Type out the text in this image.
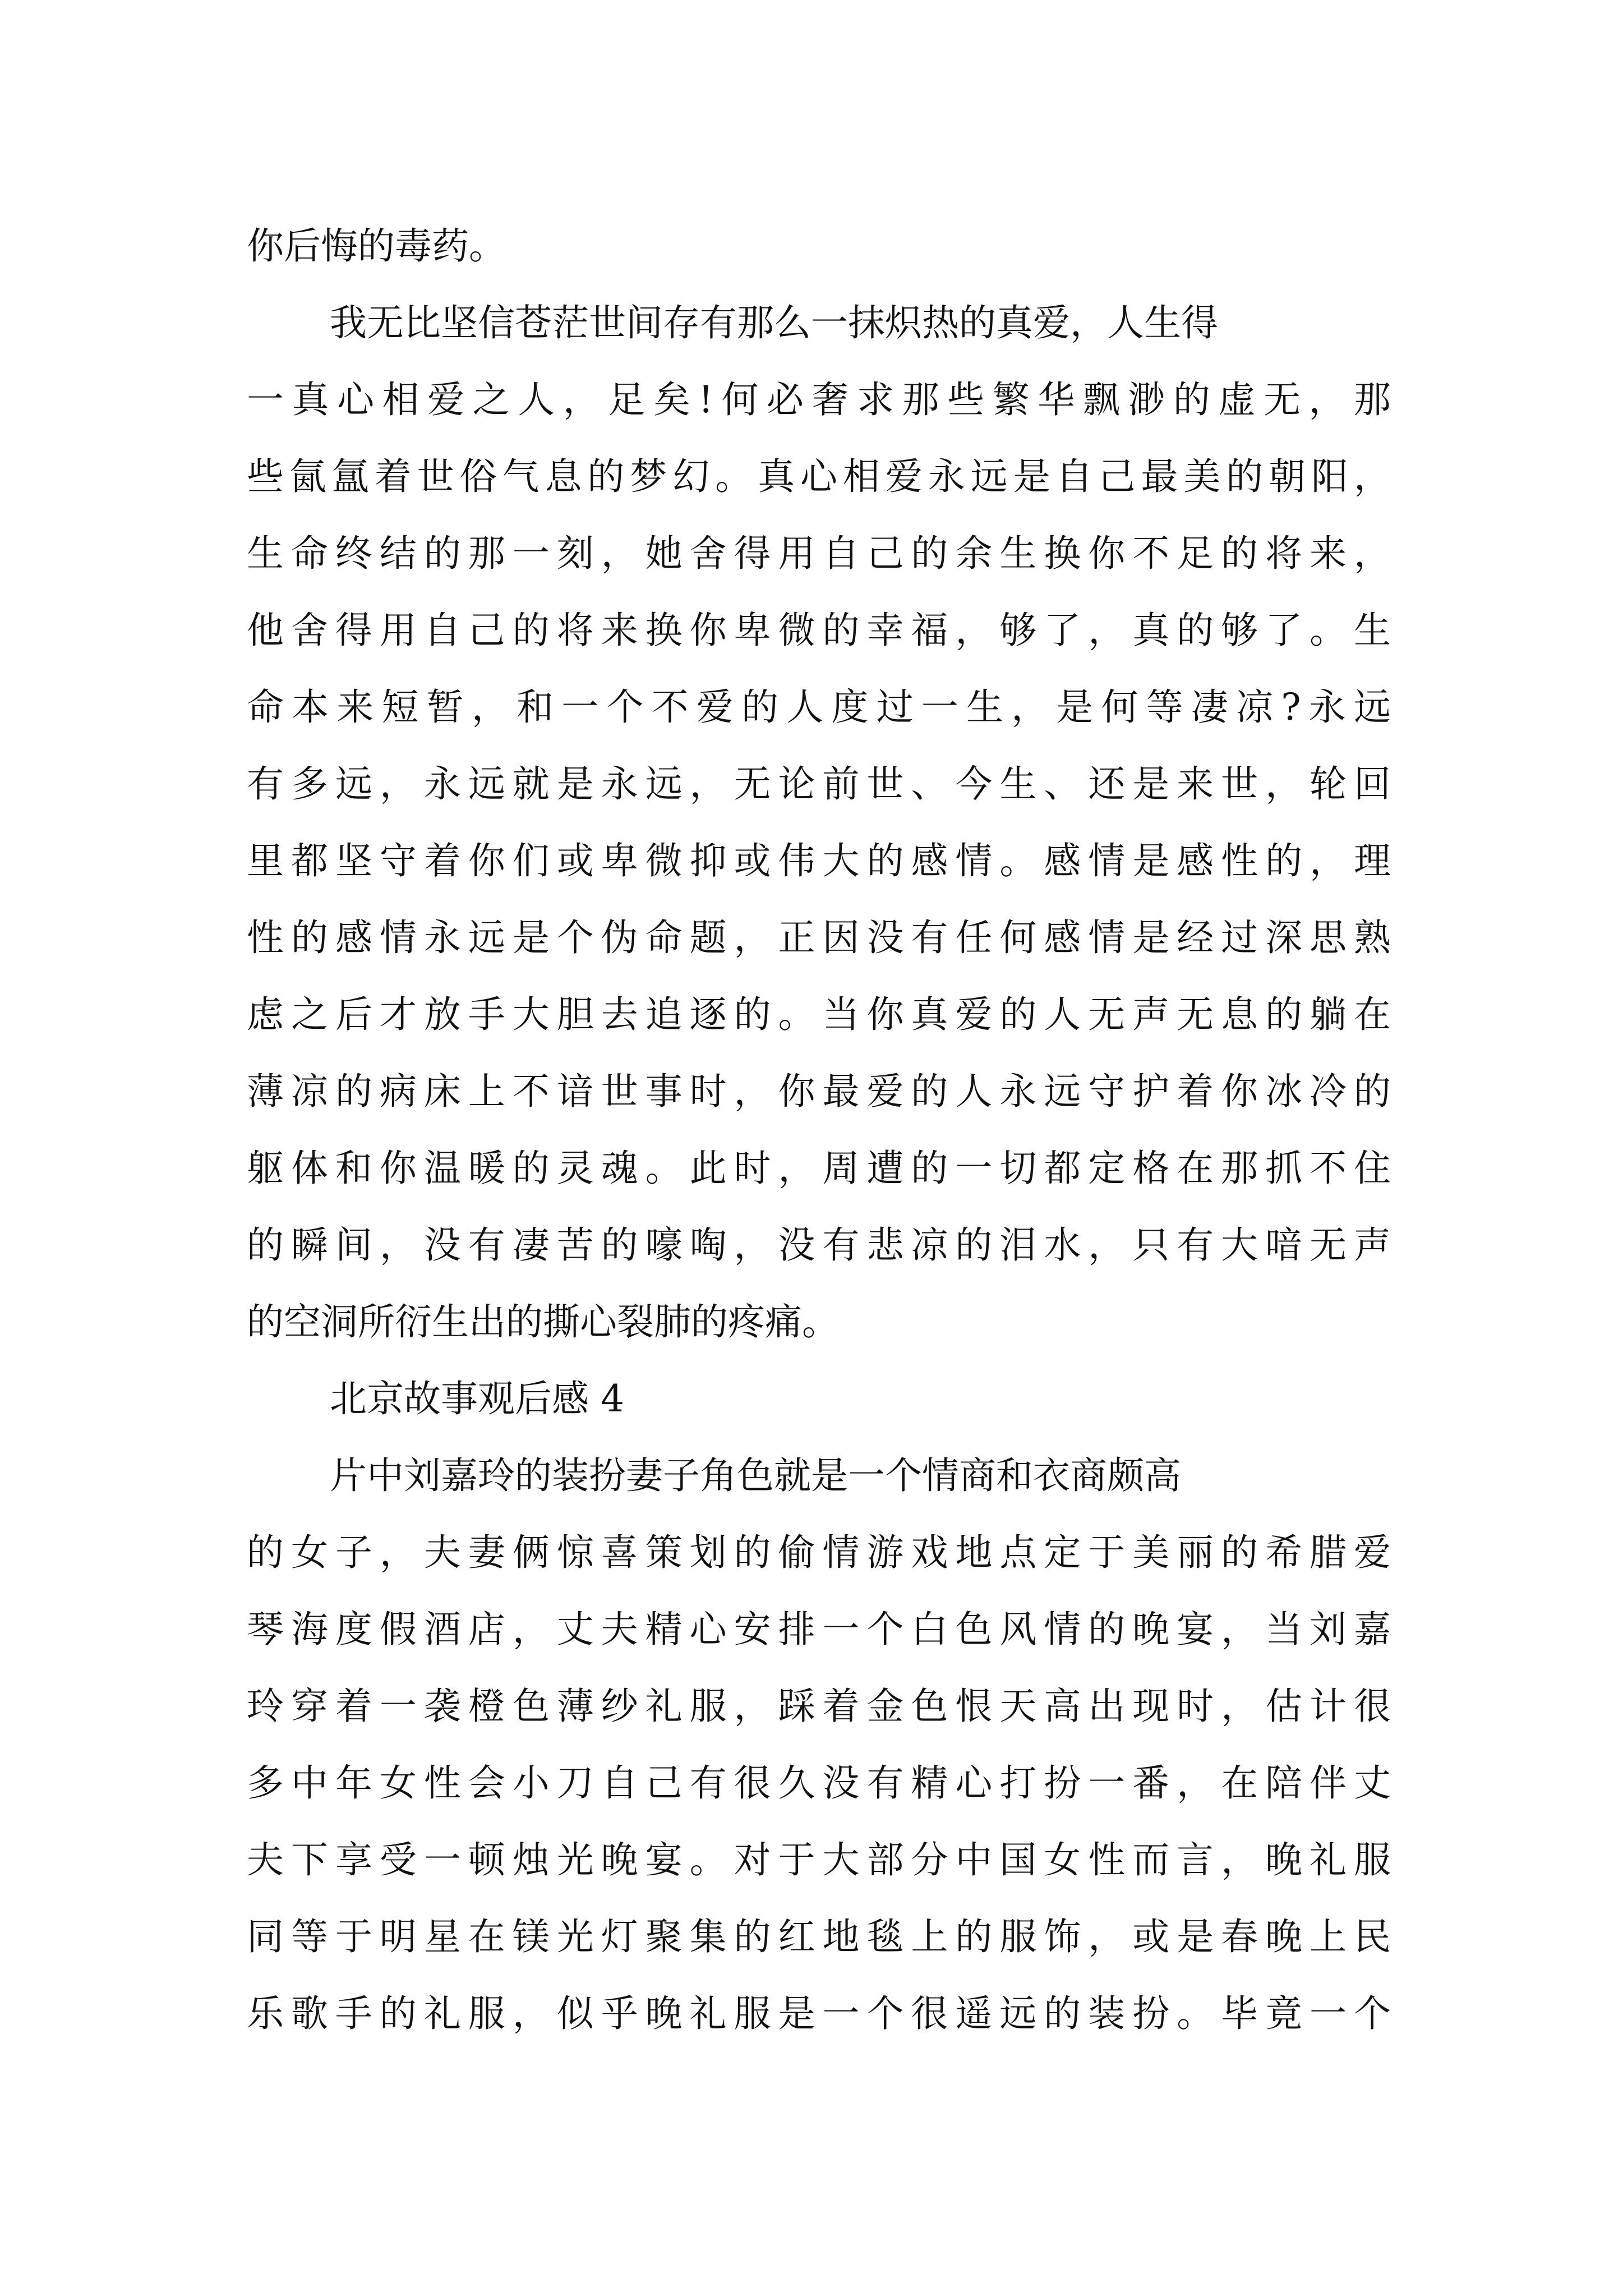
你后悔的毒药。
我无比坚信苍茫世间存有那么一抹炽热的真爱，人生得
一真心相爱之人，足矣!何必奢求那些繁华飘渺的虚无，那
些氤氲着世俗气息的梦幻。真心相爱永远是自己最美的朝阳，
生命终结的那一刻，她舍得用自己的余生换你不足的将来，
他舍得用自己的将来换你卑微的幸福，够了，真的够了。生
命本来短暂，和一个不爱的人度过一生，是何等凄凉?永远
有多远，永远就是永远，无论前世、今生、还是来世，轮回
里都坚守着你们或卑微抑或伟大的感情。感情是感性的，理
性的感情永远是个伪命题，正因没有任何感情是经过深思熟
虑之后才放手大胆去追逐的。当你真爱的人无声无息的躺在
薄凉的病床上不谙世事时，你最爱的人永远守护着你冰冷的
躯体和你温暖的灵魂。此时，周遭的一切都定格在那抓不住
的瞬间，没有凄苦的嚎啕，没有悲凉的泪水，只有大喑无声
的空洞所衍生出的撕心裂肺的疼痛。
北京故事观后感 4
片中刘嘉玲的装扮妻子角色就是一个情商和衣商颇高
的女子，夫妻俩惊喜策划的偷情游戏地点定于美丽的希腊爱
琴海度假酒店，丈夫精心安排一个白色风情的晚宴，当刘嘉
玲穿着一袭橙色薄纱礼服，踩着金色恨天高出现时，估计很
多中年女性会小刀自己有很久没有精心打扮一番，在陪伴丈
夫下享受一顿烛光晚宴。对于大部分中国女性而言，晚礼服
同等于明星在镁光灯聚集的红地毯上的服饰，或是春晚上民
乐歌手的礼服，似乎晚礼服是一个很遥远的装扮。毕竟一个
